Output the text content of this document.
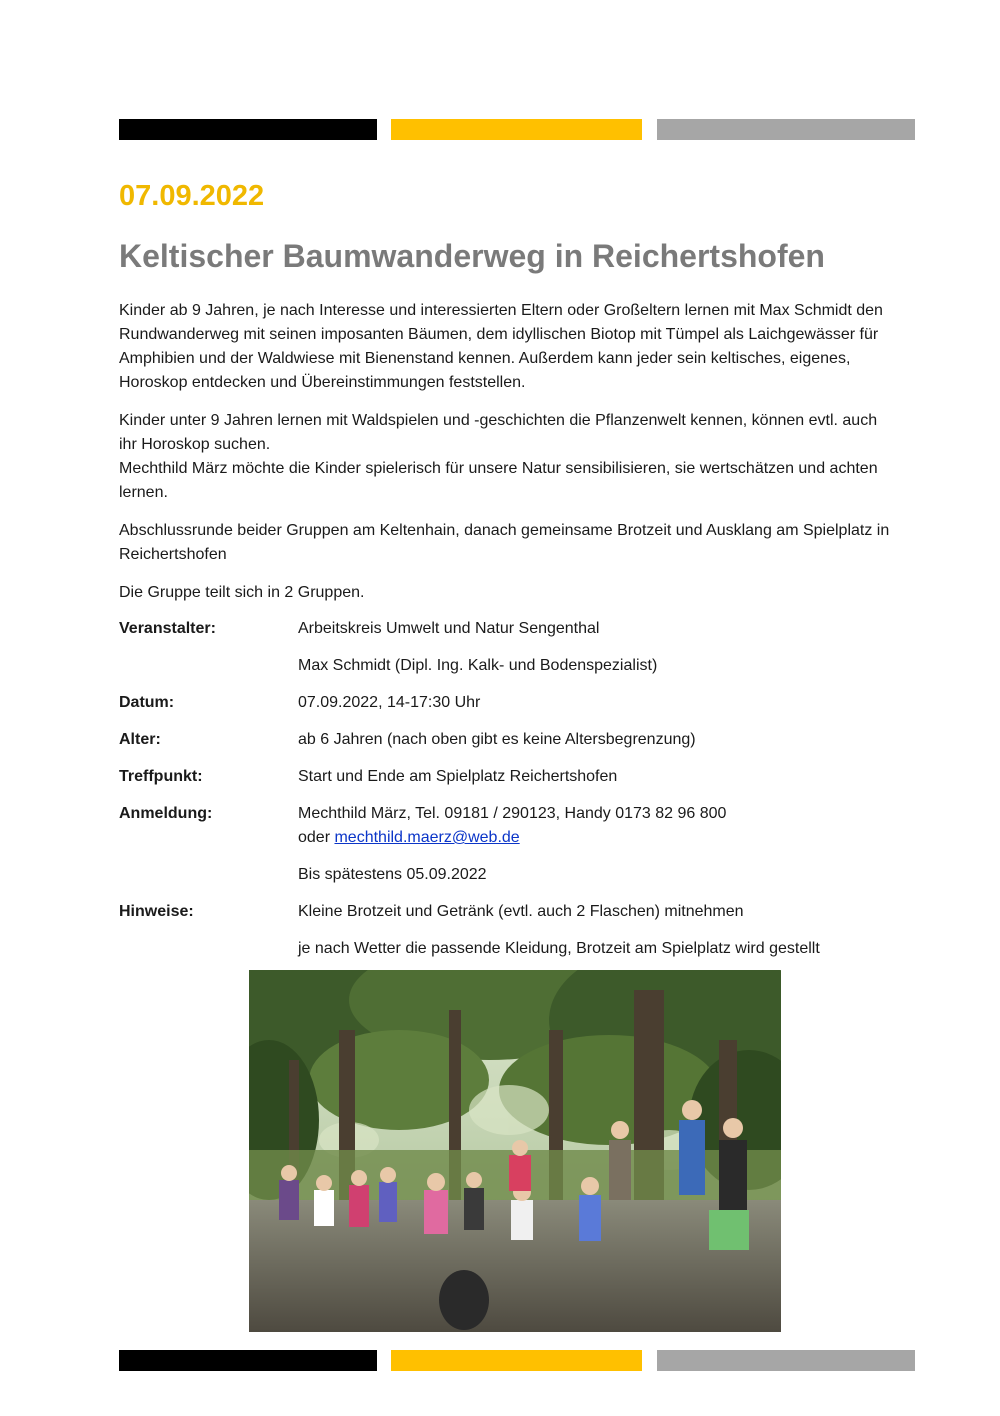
07.09.2022
Keltischer Baumwanderweg in Reichertshofen

Kinder ab 9 Jahren, je nach Interesse und interessierten Eltern oder Großeltern lernen mit Max Schmidt den Rundwanderweg mit seinen imposanten Bäumen, dem idyllischen Biotop mit Tümpel als Laichgewässer für Amphibien und der Waldwiese mit Bienenstand kennen. Außerdem kann jeder sein keltisches, eigenes, Horoskop entdecken und Übereinstimmungen feststellen.

Kinder unter 9 Jahren lernen mit Waldspielen und -geschichten die Pflanzenwelt kennen, können evtl. auch ihr Horoskop suchen.
Mechthild März möchte die Kinder spielerisch für unsere Natur sensibilisieren, sie wertschätzen und achten lernen.

Abschlussrunde beider Gruppen am Keltenhain, danach gemeinsame Brotzeit und Ausklang am Spielplatz in Reichertshofen

Die Gruppe teilt sich in 2 Gruppen.

Veranstalter:	Arbeitskreis Umwelt und Natur Sengenthal
Max Schmidt (Dipl. Ing. Kalk- und Bodenspezialist)
Datum:	07.09.2022, 14-17:30 Uhr
Alter:	ab 6 Jahren (nach oben gibt es keine Altersbegrenzung)
Treffpunkt:	Start und Ende am Spielplatz Reichertshofen
Anmeldung:	Mechthild März, Tel. 09181 / 290123, Handy 0173 82 96 800
oder mechthild.maerz@web.de
Bis spätestens 05.09.2022
Hinweise:	Kleine Brotzeit und Getränk (evtl. auch 2 Flaschen) mitnehmen
je nach Wetter die passende Kleidung, Brotzeit am Spielplatz wird gestellt
